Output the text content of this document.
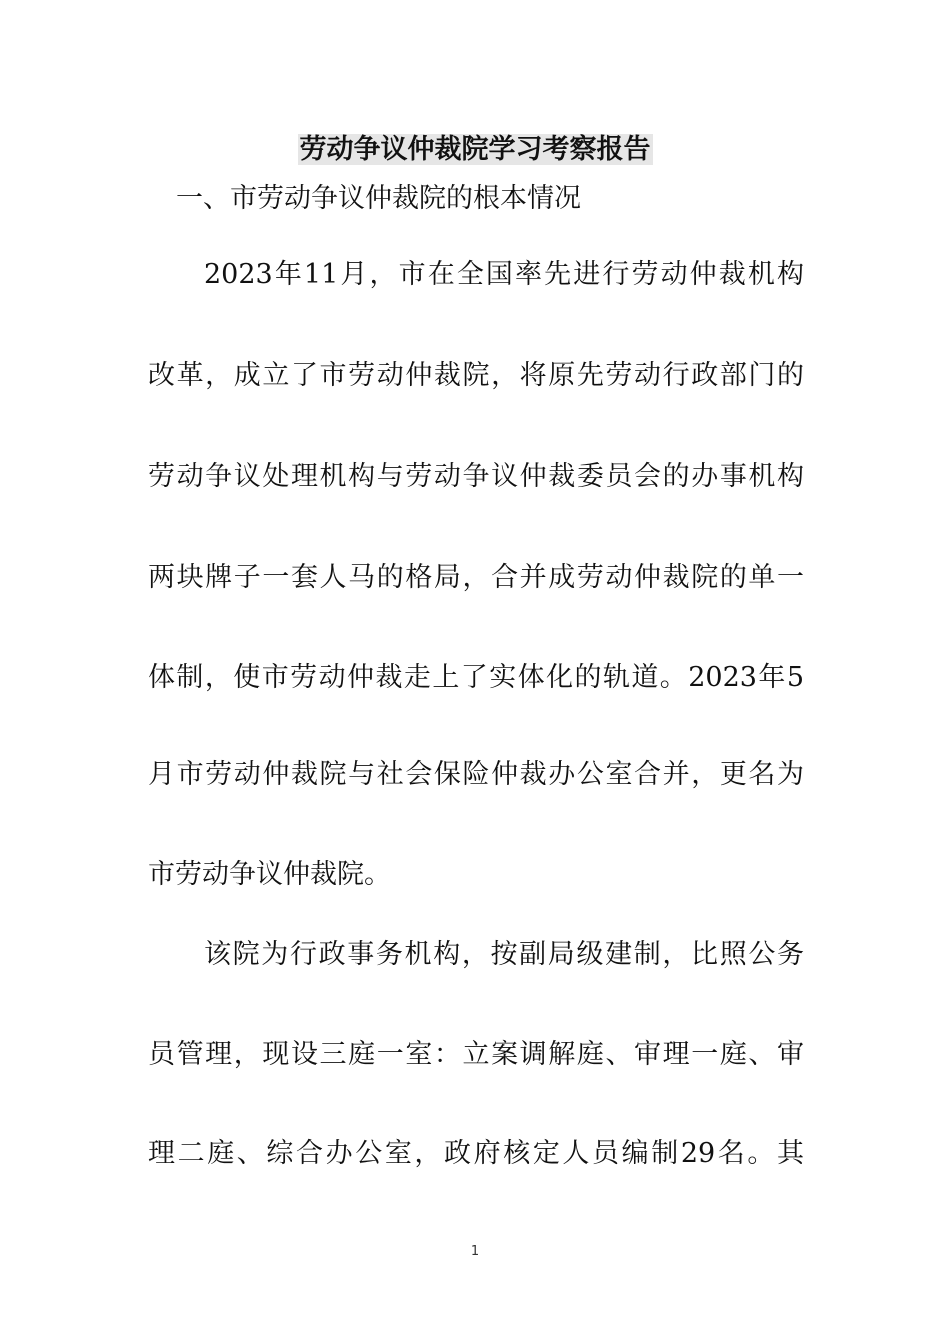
劳动争议仲裁院学习考察报告
一、市劳动争议仲裁院的根本情况

2023年11月，市在全国率先进行劳动仲裁机构

改革，成立了市劳动仲裁院，将原先劳动行政部门的

劳动争议处理机构与劳动争议仲裁委员会的办事机构

两块牌子一套人马的格局，合并成劳动仲裁院的单一

体制，使市劳动仲裁走上了实体化的轨道。2023年5

月市劳动仲裁院与社会保险仲裁办公室合并，更名为

市劳动争议仲裁院。

该院为行政事务机构，按副局级建制，比照公务

员管理，现设三庭一室：立案调解庭、审理一庭、审

理二庭、综合办公室，政府核定人员编制29名。其

1
